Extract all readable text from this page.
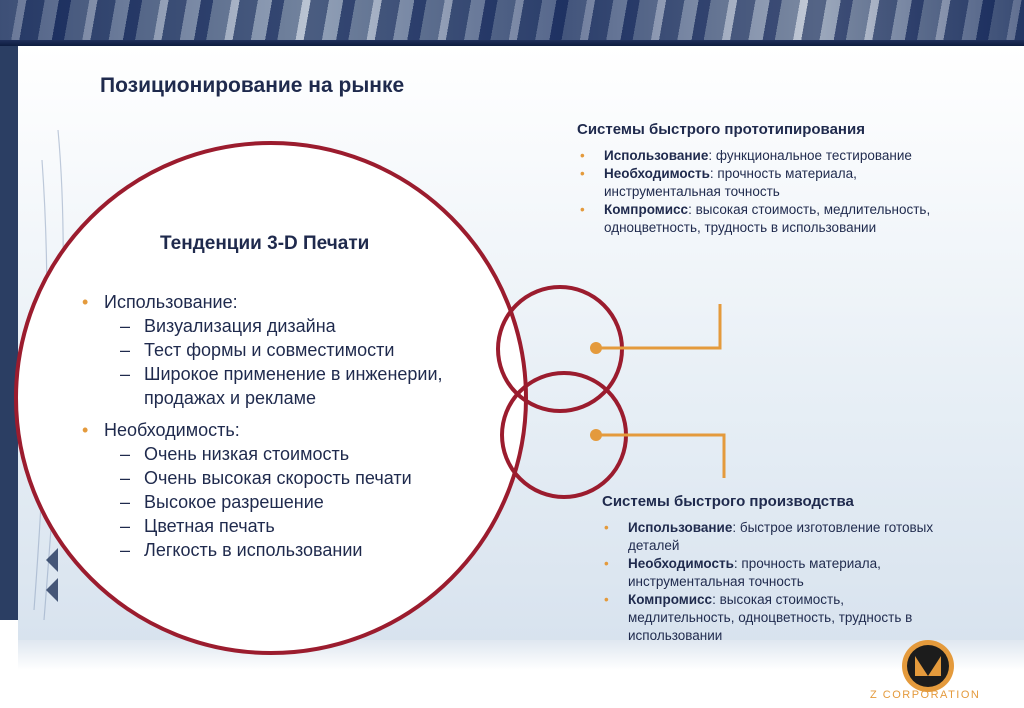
Позиционирование на рынке
Тенденции 3-D Печати
• Использование:
– Визуализация дизайна
– Тест формы и совместимости
– Широкое применение в инженерии,
продажах и рекламе
• Необходимость:
– Очень низкая стоимость
– Очень высокая скорость печати
– Высокое разрешение
– Цветная печать
– Легкость в использовании
Системы быстрого прототипирования
• Использование: функциональное тестирование
• Необходимость: прочность материала,
инструментальная точность
• Компромисс: высокая стоимость, медлительность,
одноцветность, трудность в использовании
Системы быстрого производства
• Использование: быстрое изготовление готовых
деталей
• Необходимость: прочность материала,
инструментальная точность
• Компромисс: высокая стоимость,
медлительность, одноцветность, трудность в
использовании
Z CORPORATION
